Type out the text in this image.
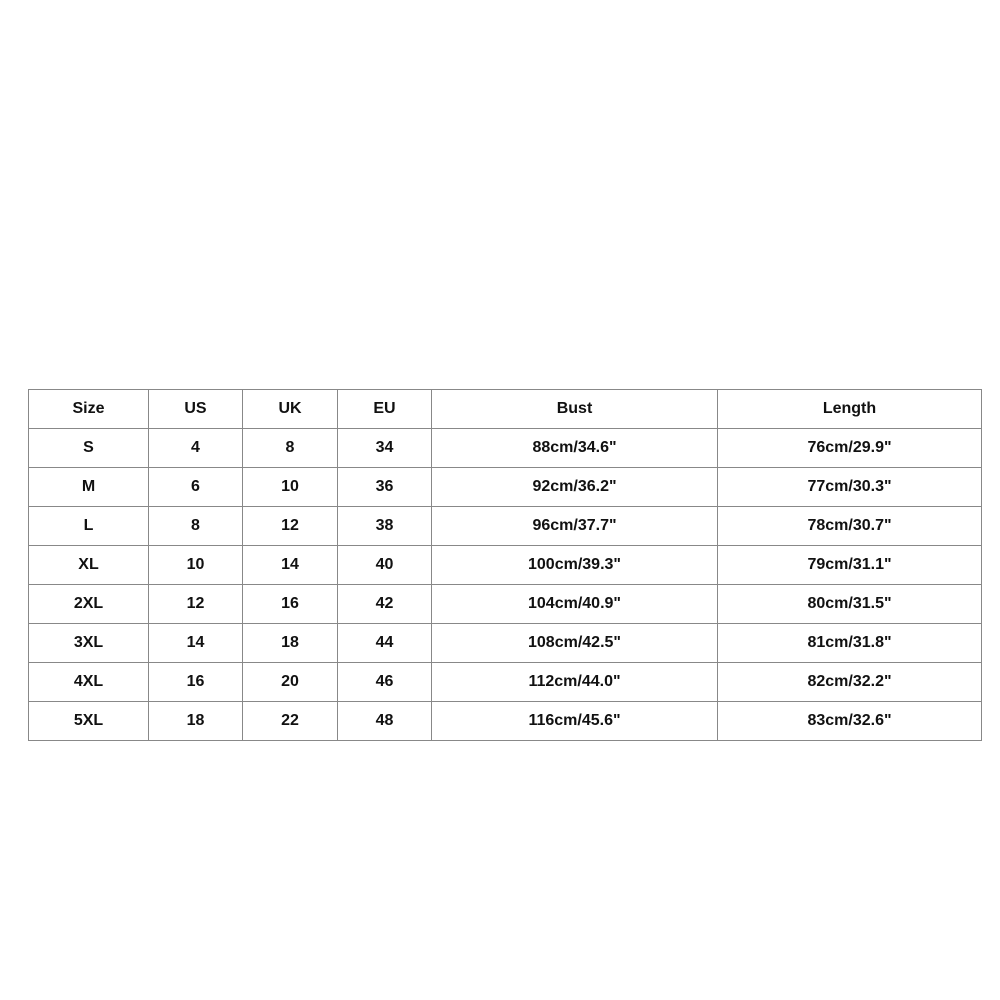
Size	US	UK	EU	Bust	Length
S	4	8	34	88cm/34.6"	76cm/29.9"
M	6	10	36	92cm/36.2"	77cm/30.3"
L	8	12	38	96cm/37.7"	78cm/30.7"
XL	10	14	40	100cm/39.3"	79cm/31.1"
2XL	12	16	42	104cm/40.9"	80cm/31.5"
3XL	14	18	44	108cm/42.5"	81cm/31.8"
4XL	16	20	46	112cm/44.0"	82cm/32.2"
5XL	18	22	48	116cm/45.6"	83cm/32.6"
